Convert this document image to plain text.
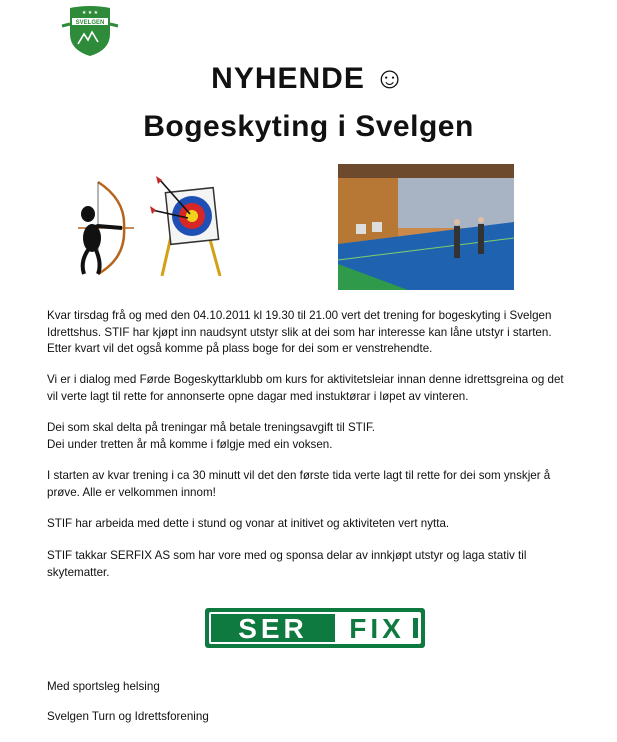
SVELGEN
★ ★ ★
NYHENDE ☺
Bogeskyting i Svelgen

Kvar tirsdag frå og med den 04.10.2011 kl 19.30 til 21.00 vert det trening for bogeskyting i Svelgen

Idrettshus. STIF har kjøpt inn naudsynt utstyr slik at dei som har interesse kan låne utstyr i starten.

Etter kvart vil det også komme på plass boge for dei som er venstrehendte.

Vi er i dialog med Førde Bogeskyttarklubb om kurs for aktivitetsleiar innan denne idrettsgreina og det

vil verte lagt til rette for annonserte opne dagar med instuktørar i løpet av vinteren.

Dei som skal delta på treningar må betale treningsavgift til STIF.

Dei under tretten år må komme i følgje med ein voksen.

I starten av kvar trening i ca 30 minutt vil det den første tida verte lagt til rette for dei som ynskjer å

prøve. Alle er velkommen innom!

STIF har arbeida med dette i stund og vonar at initivet og aktiviteten vert nytta.

STIF takkar SERFIX AS som har vore med og sponsa delar av innkjøpt utstyr og laga stativ til

skytematter.

SER FIX
Med sportsleg helsing
Svelgen Turn og Idrettsforening
